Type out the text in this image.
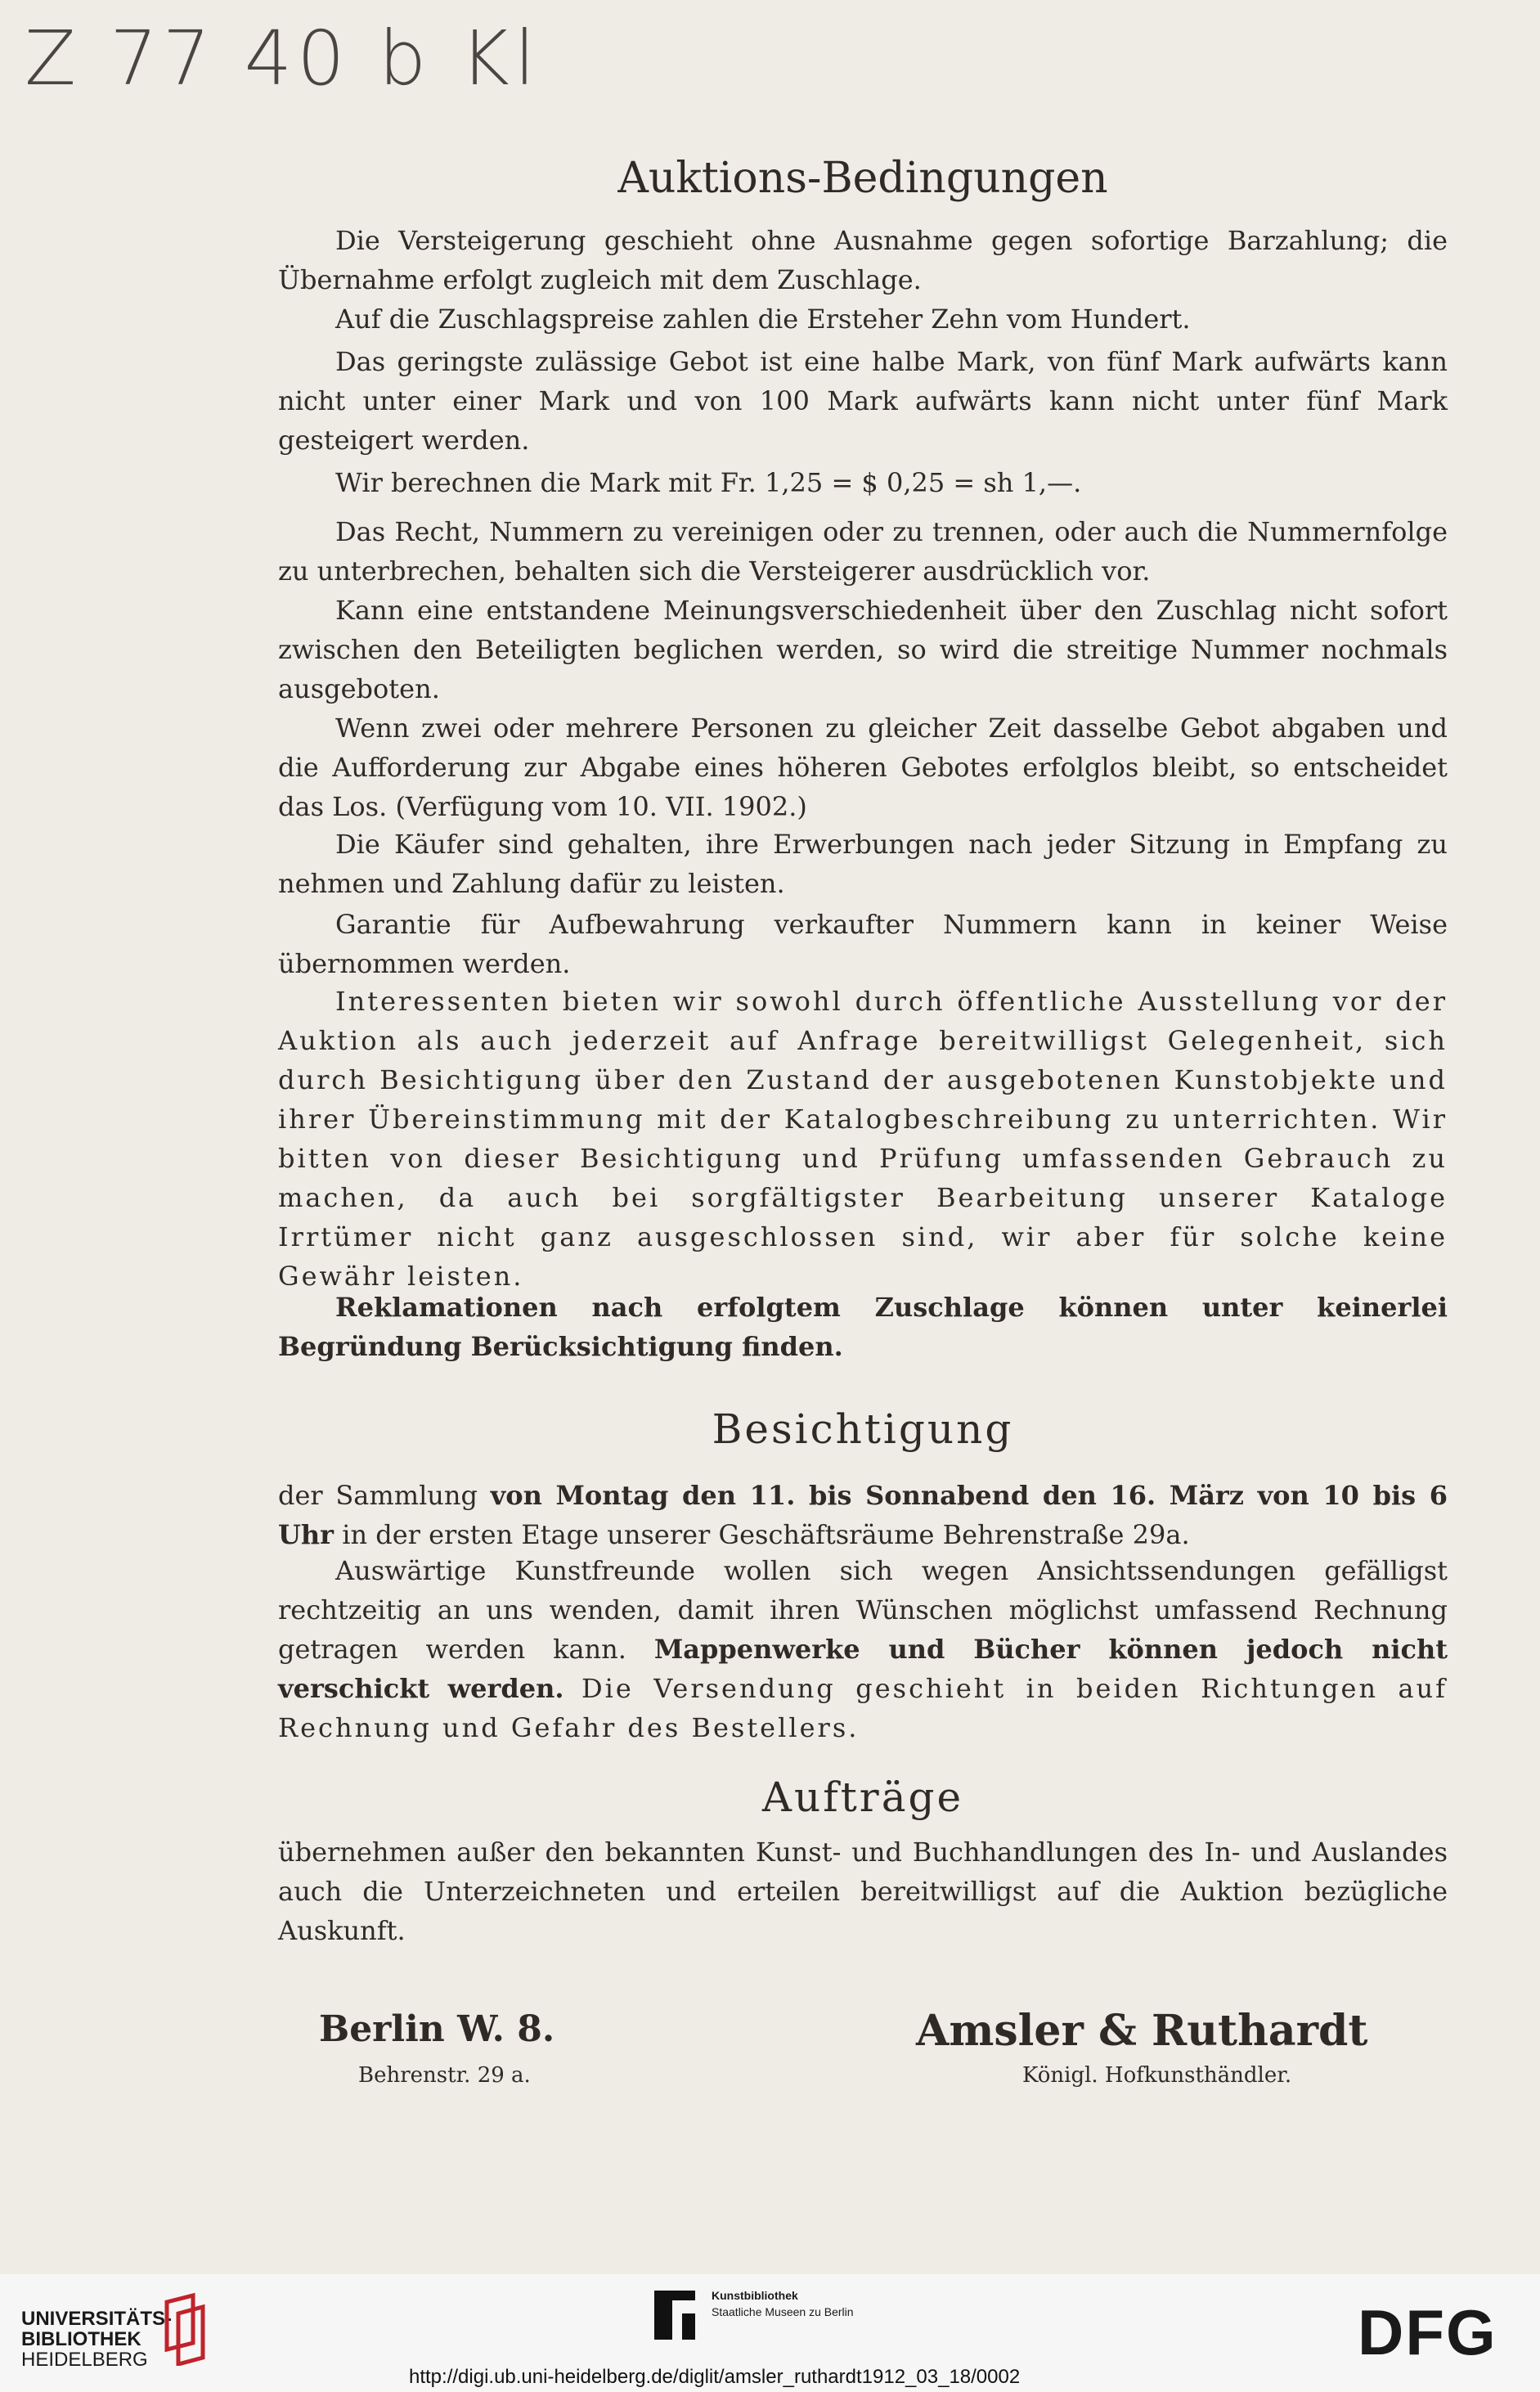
Z 77 40 b Kl
Auktions-Bedingungen

Die Versteigerung geschieht ohne Ausnahme gegen sofortige Barzahlung; die Übernahme erfolgt zugleich mit dem Zuschlage.

Auf die Zuschlagspreise zahlen die Ersteher Zehn vom Hundert.

Das geringste zulässige Gebot ist eine halbe Mark, von fünf Mark aufwärts kann nicht unter einer Mark und von 100 Mark aufwärts kann nicht unter fünf Mark gesteigert werden.

Wir berechnen die Mark mit Fr. 1,25 = $ 0,25 = sh 1,—.

Das Recht, Nummern zu vereinigen oder zu trennen, oder auch die Nummernfolge zu unterbrechen, behalten sich die Versteigerer ausdrücklich vor.

Kann eine entstandene Meinungsverschiedenheit über den Zuschlag nicht sofort zwischen den Beteiligten beglichen werden, so wird die streitige Nummer nochmals ausgeboten.

Wenn zwei oder mehrere Personen zu gleicher Zeit dasselbe Gebot abgaben und die Aufforderung zur Abgabe eines höheren Gebotes erfolglos bleibt, so entscheidet das Los. (Verfügung vom 10. VII. 1902.)

Die Käufer sind gehalten, ihre Erwerbungen nach jeder Sitzung in Empfang zu nehmen und Zahlung dafür zu leisten.

Garantie für Aufbewahrung verkaufter Nummern kann in keiner Weise übernommen werden.

Interessenten bieten wir sowohl durch öffentliche Ausstellung vor der Auktion als auch jederzeit auf Anfrage bereitwilligst Gelegenheit, sich durch Besichtigung über den Zustand der ausgebotenen Kunstobjekte und ihrer Übereinstimmung mit der Katalogbeschreibung zu unterrichten. Wir bitten von dieser Besichtigung und Prüfung umfassenden Gebrauch zu machen, da auch bei sorgfältigster Bearbeitung unserer Kataloge Irrtümer nicht ganz ausgeschlossen sind, wir aber für solche keine Gewähr leisten.

Reklamationen nach erfolgtem Zuschlage können unter keinerlei Begründung Berücksichtigung finden.

Besichtigung

der Sammlung von Montag den 11. bis Sonnabend den 16. März von 10 bis 6 Uhr in der ersten Etage unserer Geschäftsräume Behrenstraße 29a.

Auswärtige Kunstfreunde wollen sich wegen Ansichtssendungen gefälligst rechtzeitig an uns wenden, damit ihren Wünschen möglichst umfassend Rechnung getragen werden kann. Mappenwerke und Bücher können jedoch nicht verschickt werden. Die Versendung geschieht in beiden Richtungen auf Rechnung und Gefahr des Bestellers.

Aufträge

übernehmen außer den bekannten Kunst- und Buchhandlungen des In- und Auslandes auch die Unterzeichneten und erteilen bereitwilligst auf die Auktion bezügliche Auskunft.

Berlin W. 8.
Behrenstr. 29 a.
Amsler & Ruthardt
Königl. Hofkunsthändler.
UNIVERSITÄTS-
BIBLIOTHEK
HEIDELBERG
Kunstbibliothek
Staatliche Museen zu Berlin	DFG
http://digi.ub.uni-heidelberg.de/diglit/amsler_ruthardt1912_03_18/0002
